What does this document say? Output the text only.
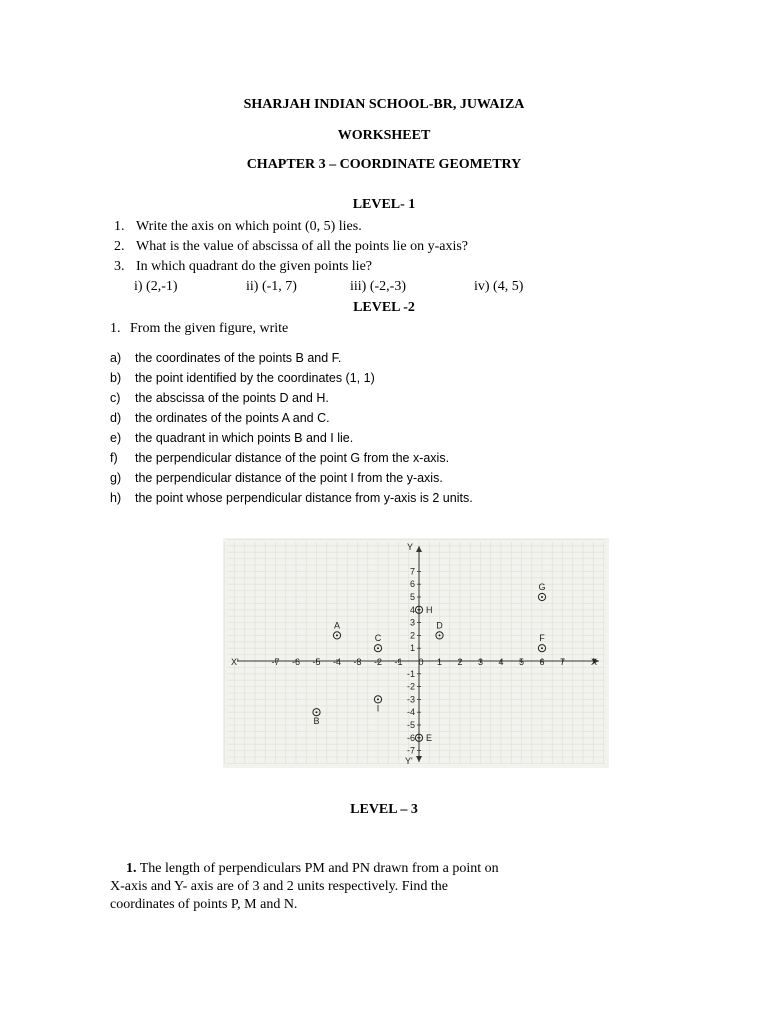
SHARJAH INDIAN SCHOOL-BR, JUWAIZA
WORKSHEET
CHAPTER 3 – COORDINATE GEOMETRY
LEVEL- 1
1. Write the axis on which point (0, 5) lies.
2. What is the value of abscissa of all the points lie on y-axis?
3. In which quadrant do the given points lie?
i) (2,-1)	ii) (-1, 7)	iii) (-2,-3)	iv) (4, 5)
LEVEL -2
1. From the given figure, write
a) the coordinates of the points B and F.
b) the point identified by the coordinates (1, 1)
c) the abscissa of the points D and H.
d) the ordinates of the points A and C.
e) the quadrant in which points B and I lie.
f) the perpendicular distance of the point G from the x-axis.
g) the perpendicular distance of the point I from the y-axis.
h) the point whose perpendicular distance from y-axis is 2 units.
X
X'
Y
Y'
-7 -6 -5 -4 -3 -2 -1 0 1 2 3 4 5 6 7
7
6
5
4
3
2
1
-1
-2
-3
-4
-5
-6
-7
A
B
C
D
E
F
G
H
I
LEVEL – 3
1. The length of perpendiculars PM and PN drawn from a point on
X-axis and Y- axis are of 3 and 2 units respectively. Find the
coordinates of points P, M and N.
